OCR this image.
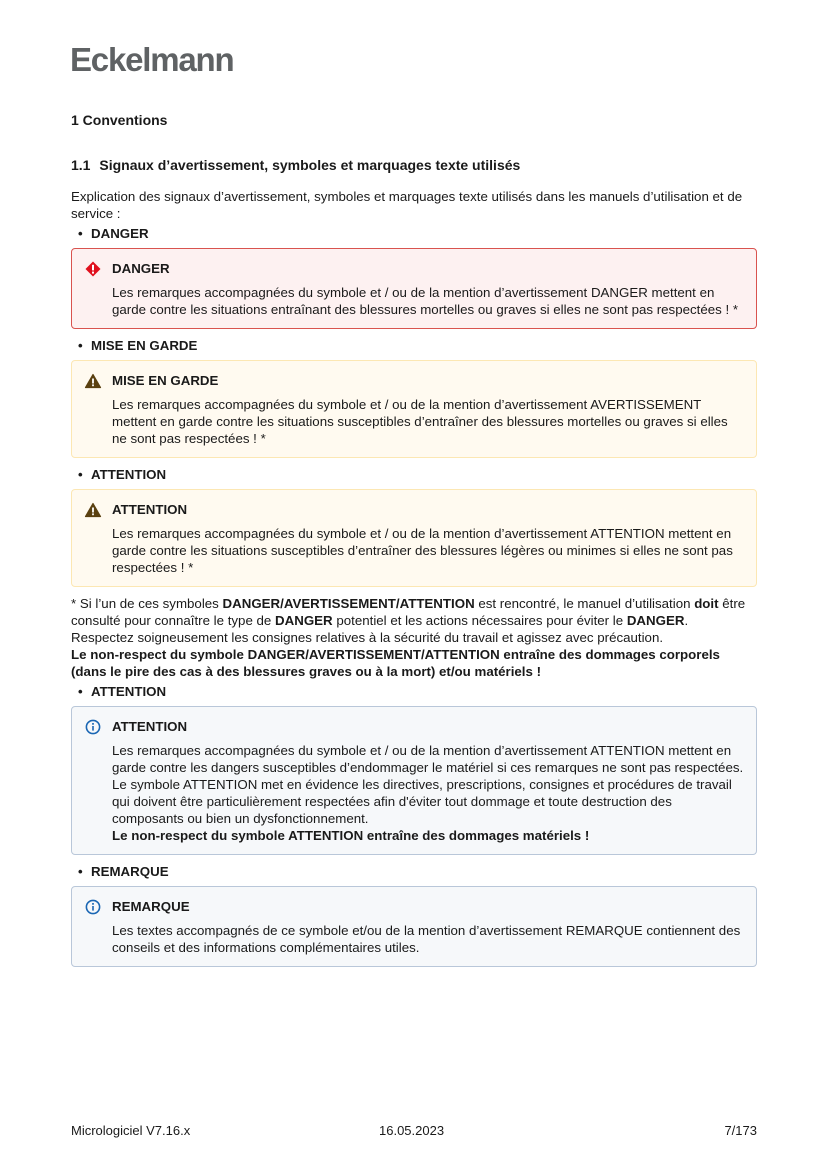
Eckelmann
1 Conventions
1.1 Signaux d’avertissement, symboles et marquages texte utilisés

Explication des signaux d’avertissement, symboles et marquages texte utilisés dans les manuels d’utilisation et de service :

• DANGER
DANGER
Les remarques accompagnées du symbole et / ou de la mention d’avertissement DANGER mettent en garde contre les situations entraînant des blessures mortelles ou graves si elles ne sont pas respectées ! *
• MISE EN GARDE
MISE EN GARDE
Les remarques accompagnées du symbole et / ou de la mention d’avertissement AVERTISSEMENT mettent en garde contre les situations susceptibles d’entraîner des blessures mortelles ou graves si elles ne sont pas respectées ! *
• ATTENTION
ATTENTION
Les remarques accompagnées du symbole et / ou de la mention d’avertissement ATTENTION mettent en garde contre les situations susceptibles d’entraîner des blessures légères ou minimes si elles ne sont pas respectées ! *

* Si l’un de ces symboles DANGER/AVERTISSEMENT/ATTENTION est rencontré, le manuel d’utilisation doit être consulté pour connaître le type de DANGER potentiel et les actions nécessaires pour éviter le DANGER.

Respectez soigneusement les consignes relatives à la sécurité du travail et agissez avec précaution.

Le non-respect du symbole DANGER/AVERTISSEMENT/ATTENTION entraîne des dommages corporels (dans le pire des cas à des blessures graves ou à la mort) et/ou matériels !

• ATTENTION
ATTENTION
Les remarques accompagnées du symbole et / ou de la mention d’avertissement ATTENTION mettent en garde contre les dangers susceptibles d’endommager le matériel si ces remarques ne sont pas respectées. Le symbole ATTENTION met en évidence les directives, prescriptions, consignes et procédures de travail qui doivent être particulièrement respectées afin d'éviter tout dommage et toute destruction des composants ou bien un dysfonctionnement.
Le non-respect du symbole ATTENTION entraîne des dommages matériels !
• REMARQUE
REMARQUE
Les textes accompagnés de ce symbole et/ou de la mention d’avertissement REMARQUE contiennent des conseils et des informations complémentaires utiles.
Micrologiciel V7.16.x	16.05.2023	7/173
